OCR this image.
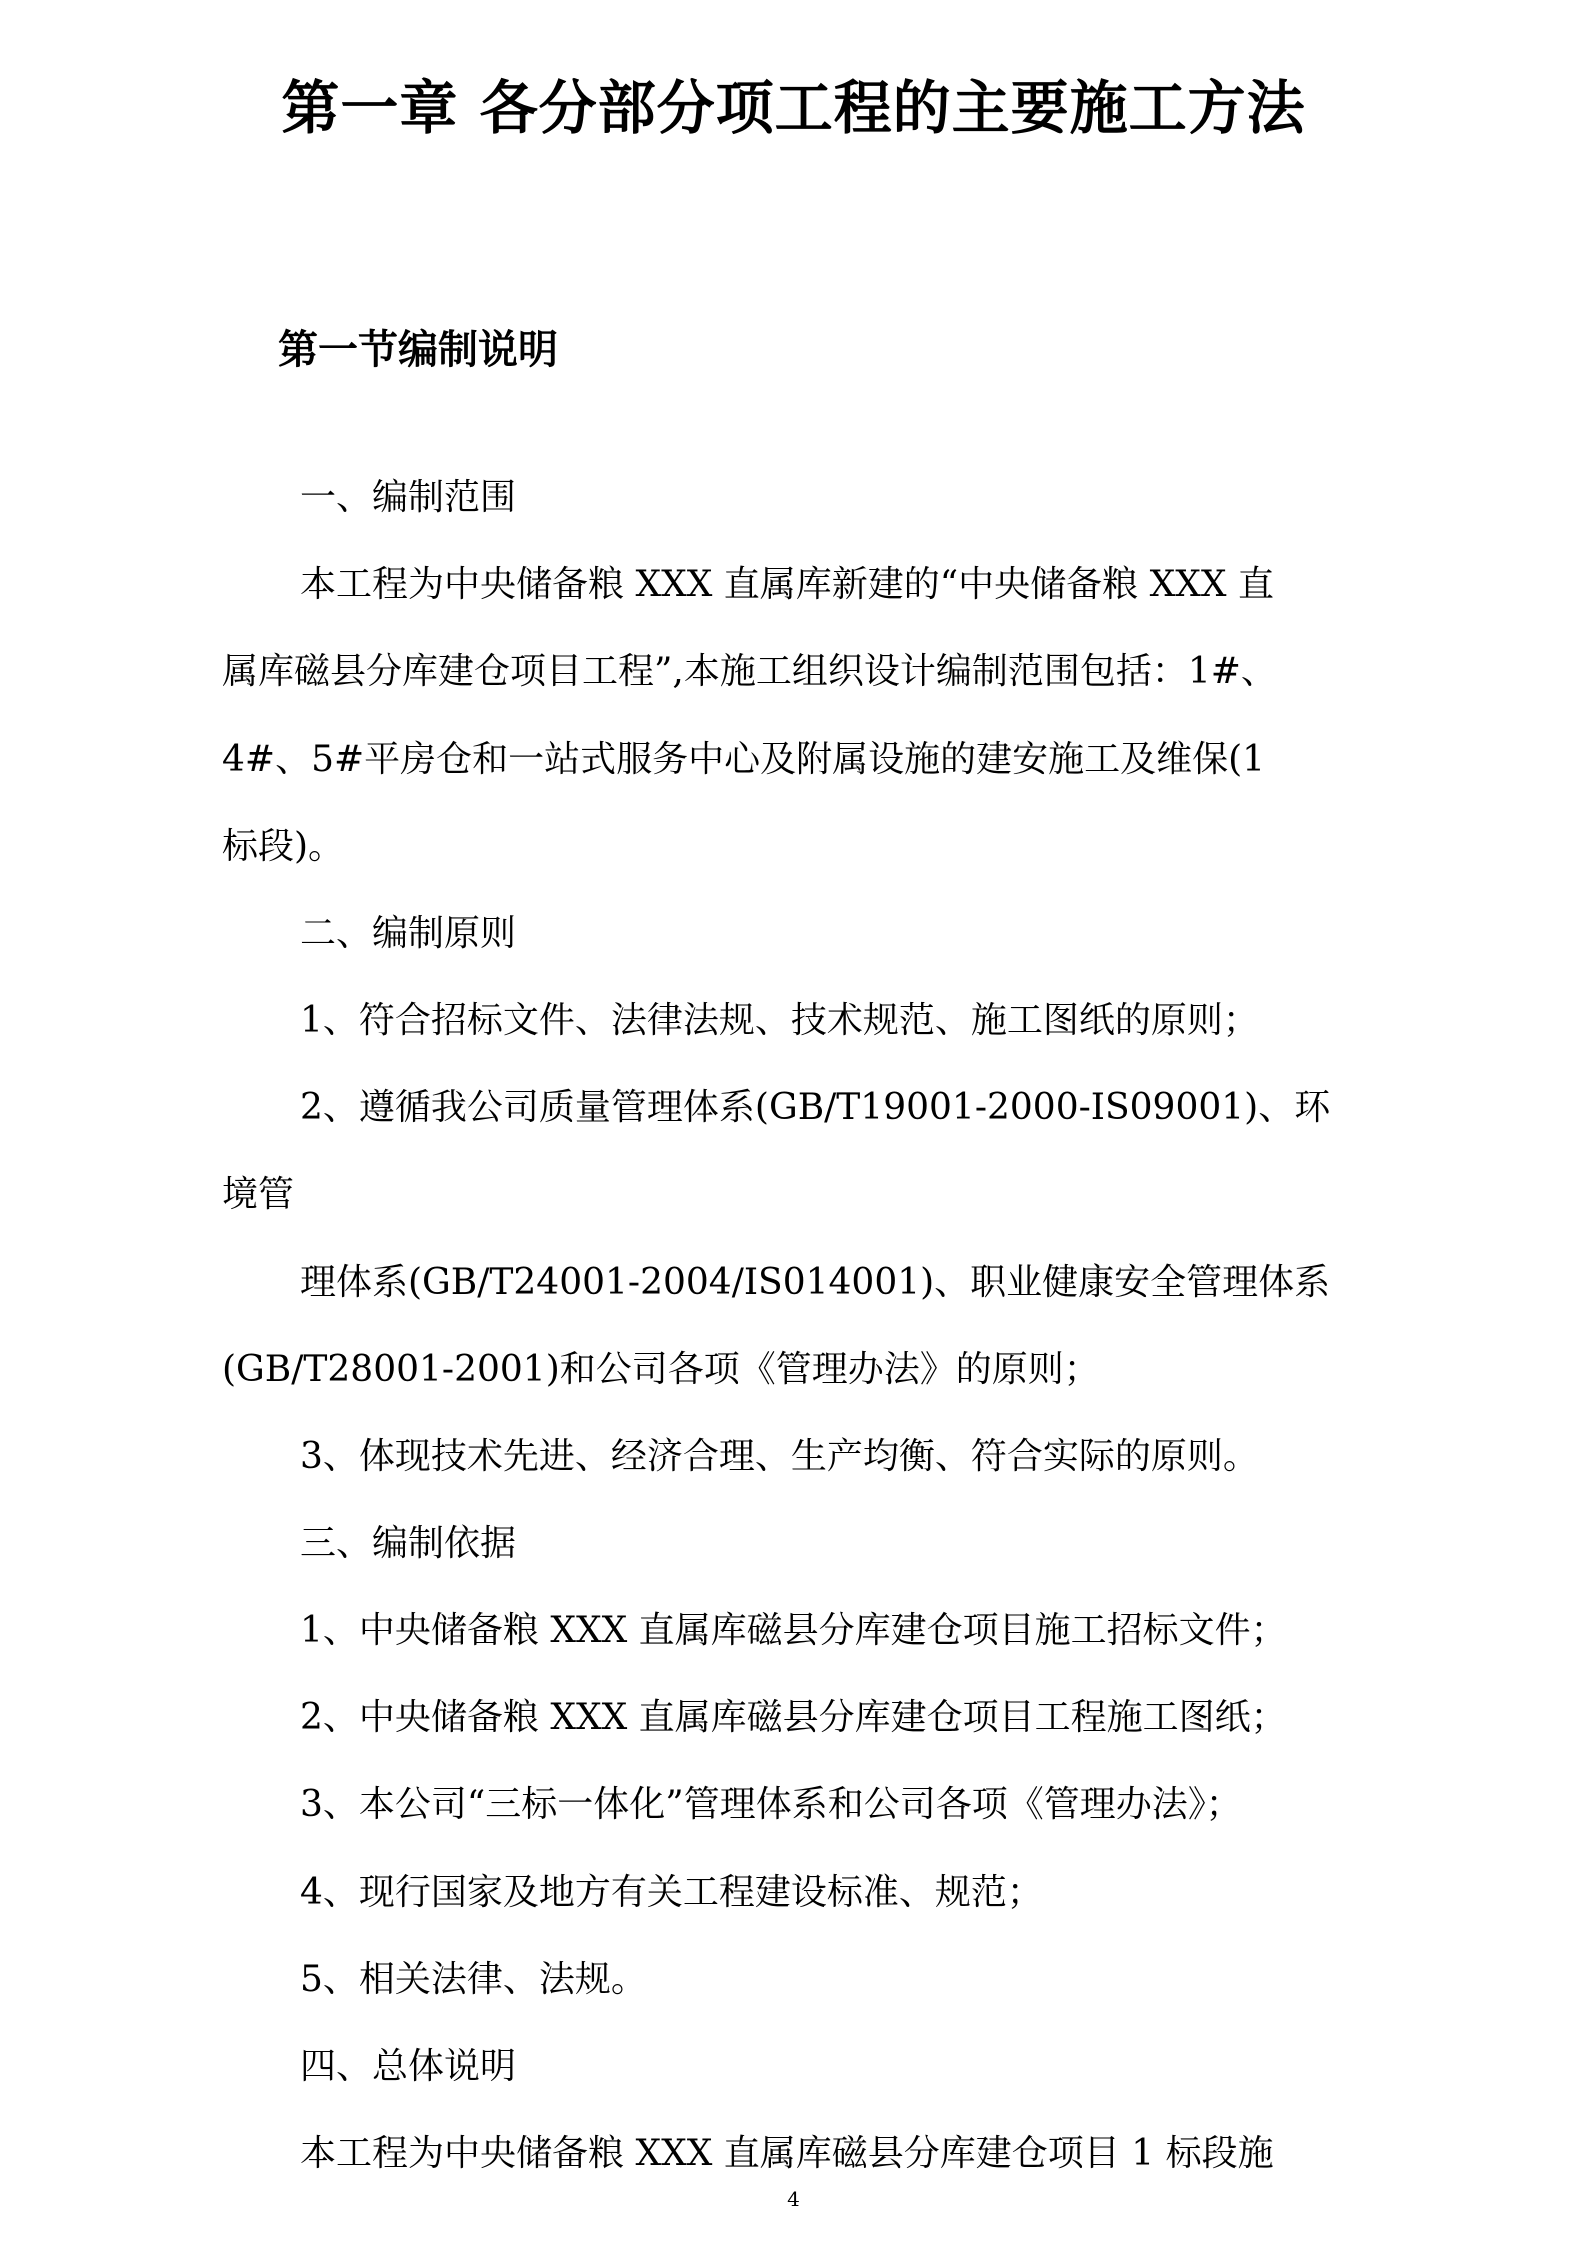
第一章 各分部分项工程的主要施工方法
第一节编制说明
一、编制范围
本工程为中央储备粮 XXX 直属库新建的“中央储备粮 XXX 直
属库磁县分库建仓项目工程”,本施工组织设计编制范围包括：1#、
4#、5#平房仓和一站式服务中心及附属设施的建安施工及维保(1
标段)。
二、编制原则
1、符合招标文件、法律法规、技术规范、施工图纸的原则；
2、遵循我公司质量管理体系(GB/T19001-2000-IS09001)、环
境管
理体系(GB/T24001-2004/IS014001)、职业健康安全管理体系
(GB/T28001-2001)和公司各项《管理办法》的原则；
3、体现技术先进、经济合理、生产均衡、符合实际的原则。
三、编制依据
1、中央储备粮 XXX 直属库磁县分库建仓项目施工招标文件；
2、中央储备粮 XXX 直属库磁县分库建仓项目工程施工图纸；
3、本公司“三标一体化”管理体系和公司各项《管理办法》；
4、现行国家及地方有关工程建设标准、规范；
5、相关法律、法规。
四、总体说明
本工程为中央储备粮 XXX 直属库磁县分库建仓项目 1 标段施
4
